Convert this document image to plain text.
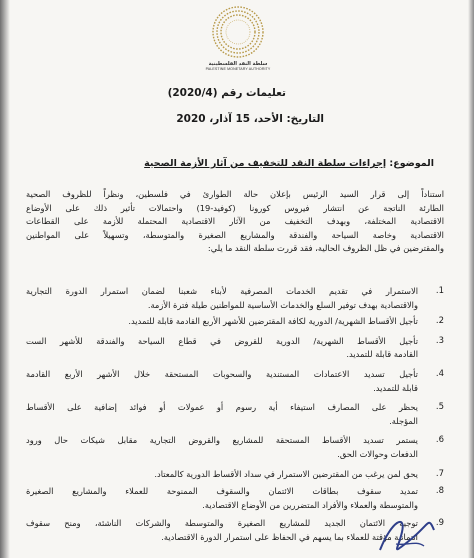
سلطة النقد الفلسطينية
PALESTINE MONETARY AUTHORITY
تعليمات رقم (2020/4)
التاريخ: الأحد، 15 آذار، 2020
الموضوع: إجراءات سلطة النقد للتخفيف من آثار الأزمة الصحية
استناداً إلى قرار السيد الرئيس بإعلان حالة الطوارئ في فلسطين، ونظراً للظروف الصحية
الطارئة الناتجة عن انتشار فيروس كورونا (كوفيد-19) واحتمالات تأثير ذلك على الأوضاع
الاقتصادية المختلفة، وبهدف التخفيف من الآثار الاقتصادية المحتملة للأزمة على القطاعات
الاقتصادية وخاصة السياحة والفندقة والمشاريع الصغيرة والمتوسطة، وتسهيلاً على المواطنين
والمقترضين في ظل الظروف الحالية، فقد قررت سلطة النقد ما يلي:
1.
الاستمرار في تقديم الخدمات المصرفية لأبناء شعبنا لضمان استمرار الدورة التجارية
والاقتصادية بهدف توفير السلع والخدمات الأساسية للمواطنين طيلة فترة الأزمة.
2.
تأجيل الأقساط الشهرية/ الدورية لكافة المقترضين للأشهر الأربع القادمة قابلة للتمديد.
3.
تأجيل الأقساط الشهرية/ الدورية للقروض في قطاع السياحة والفندقة للأشهر الست
القادمة قابلة للتمديد.
4.
تأجيل تسديد الاعتمادات المستندية والسحوبات المستحقة خلال الأشهر الأربع القادمة
قابلة للتمديد.
5.
يحظر على المصارف استيفاء أية رسوم أو عمولات أو فوائد إضافية على الأقساط
المؤجلة.
6.
يستمر تسديد الأقساط المستحقة للمشاريع والقروض التجارية مقابل شيكات حال ورود
الدفعات وحوالات الحق.
7.
يحق لمن يرغب من المقترضين الاستمرار في سداد الأقساط الدورية كالمعتاد.
8.
تمديد سقوف بطاقات الائتمان والسقوف الممنوحة للعملاء والمشاريع الصغيرة
والمتوسطة والعملاء والأفراد المتضررين من الأوضاع الاقتصادية.
9.
توجيه الائتمان الجديد للمشاريع الصغيرة والمتوسطة والشركات الناشئة، ومنح سقوف
ائتمانية مؤقتة للعملاء بما يسهم في الحفاظ على استمرار الدورة الاقتصادية.
